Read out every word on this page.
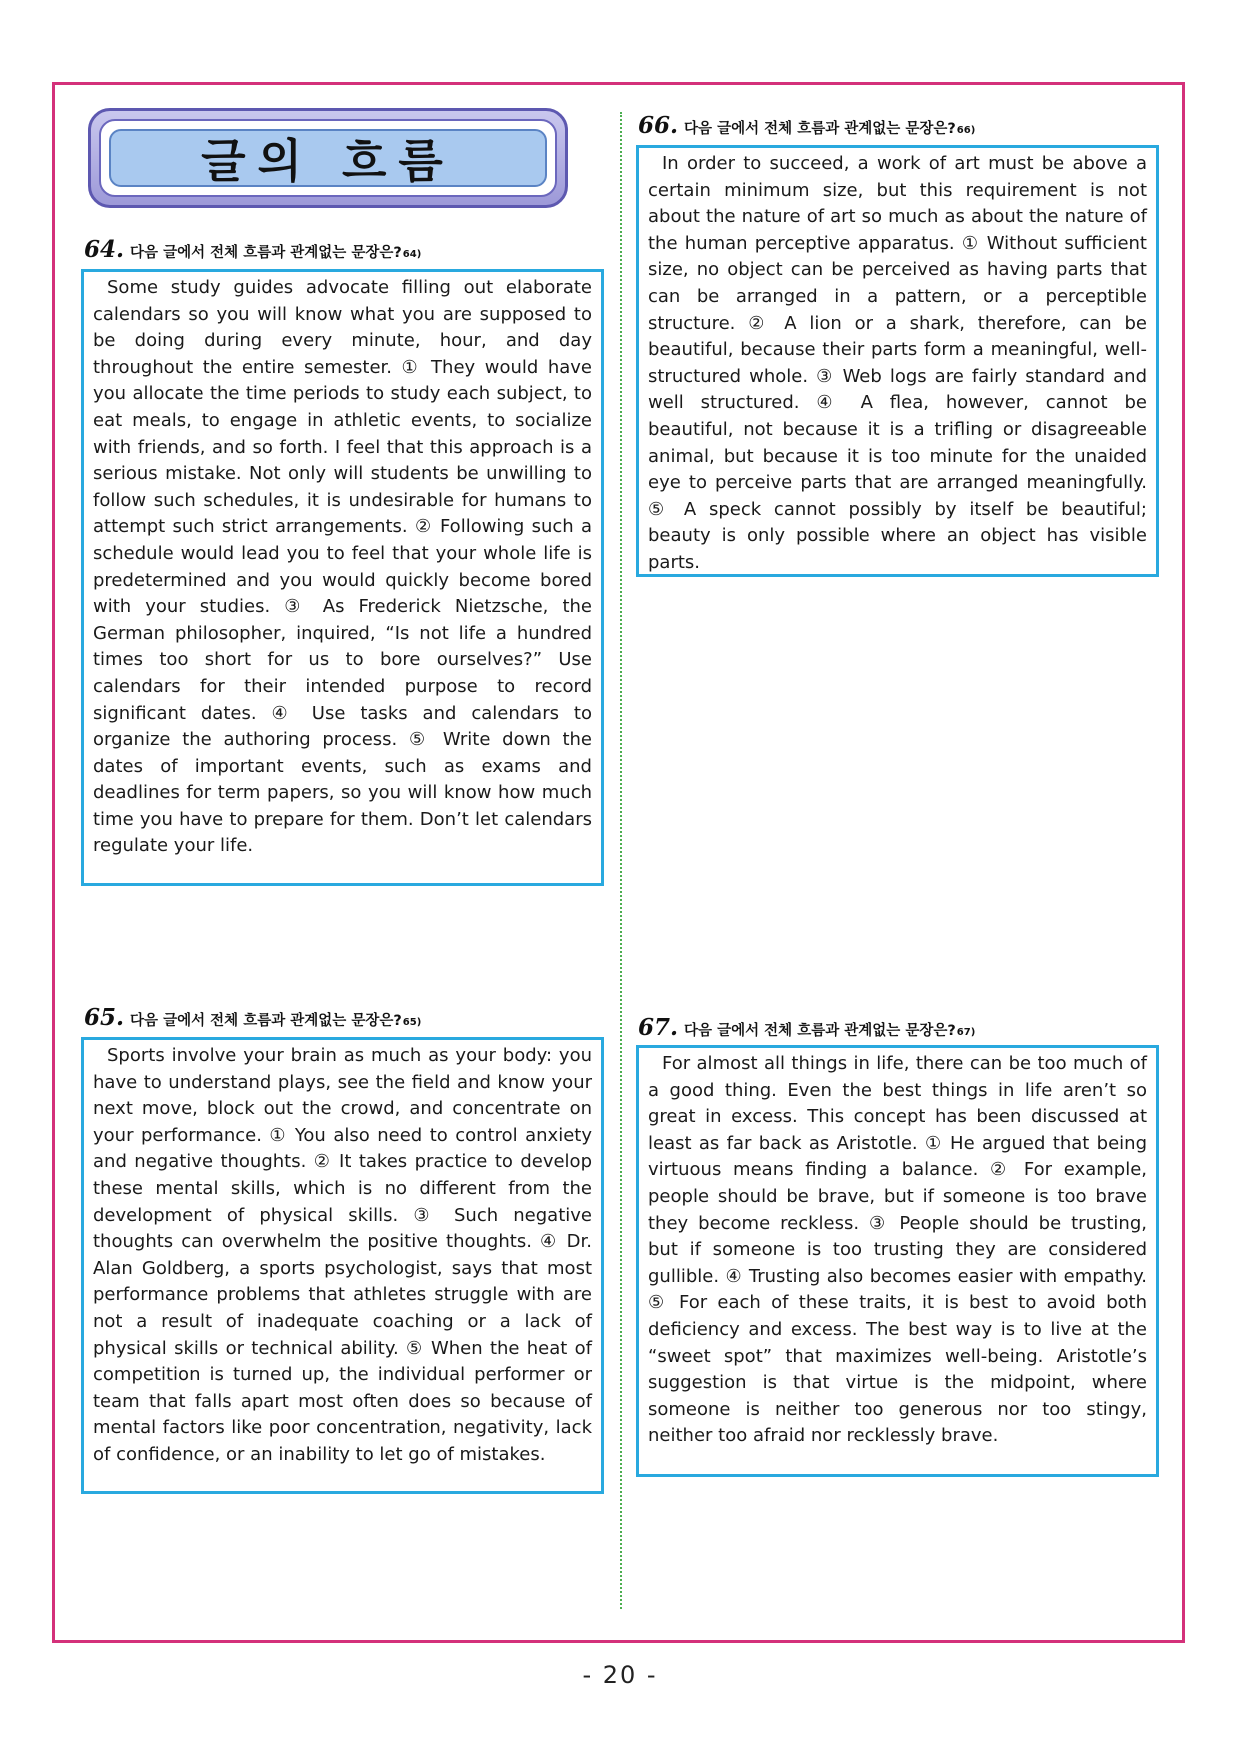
글의 흐름
64. 다음 글에서 전체 흐름과 관계없는 문장은? 64)

Some study guides advocate filling out elaborate calendars so you will know what you are supposed to be doing during every minute, hour, and day throughout the entire semester. ① They would have you allocate the time periods to study each subject, to eat meals, to engage in athletic events, to socialize with friends, and so forth. I feel that this approach is a serious mistake. Not only will students be unwilling to follow such schedules, it is undesirable for humans to attempt such strict arrangements. ② Following such a schedule would lead you to feel that your whole life is predetermined and you would quickly become bored with your studies. ③ As Frederick Nietzsche, the German philosopher, inquired, “Is not life a hundred times too short for us to bore ourselves?” Use calendars for their intended purpose to record significant dates. ④ Use tasks and calendars to organize the authoring process. ⑤ Write down the dates of important events, such as exams and deadlines for term papers, so you will know how much time you have to prepare for them. Don’t let calendars regulate your life.

65. 다음 글에서 전체 흐름과 관계없는 문장은? 65)

Sports involve your brain as much as your body: you have to understand plays, see the field and know your next move, block out the crowd, and concentrate on your performance. ① You also need to control anxiety and negative thoughts. ② It takes practice to develop these mental skills, which is no different from the development of physical skills. ③ Such negative thoughts can overwhelm the positive thoughts. ④ Dr. Alan Goldberg, a sports psychologist, says that most performance problems that athletes struggle with are not a result of inadequate coaching or a lack of physical skills or technical ability. ⑤ When the heat of competition is turned up, the individual performer or team that falls apart most often does so because of mental factors like poor concentration, negativity, lack of confidence, or an inability to let go of mistakes.

66. 다음 글에서 전체 흐름과 관계없는 문장은? 66)

In order to succeed, a work of art must be above a certain minimum size, but this requirement is not about the nature of art so much as about the nature of the human perceptive apparatus. ① Without sufficient size, no object can be perceived as having parts that can be arranged in a pattern, or a perceptible structure. ② A lion or a shark, therefore, can be beautiful, because their parts form a meaningful, well-structured whole. ③ Web logs are fairly standard and well structured. ④ A flea, however, cannot be beautiful, not because it is a trifling or disagreeable animal, but because it is too minute for the unaided eye to perceive parts that are arranged meaningfully. ⑤ A speck cannot possibly by itself be beautiful; beauty is only possible where an object has visible parts.

67. 다음 글에서 전체 흐름과 관계없는 문장은? 67)

For almost all things in life, there can be too much of a good thing. Even the best things in life aren’t so great in excess. This concept has been discussed at least as far back as Aristotle. ① He argued that being virtuous means finding a balance. ② For example, people should be brave, but if someone is too brave they become reckless. ③ People should be trusting, but if someone is too trusting they are considered gullible. ④ Trusting also becomes easier with empathy. ⑤ For each of these traits, it is best to avoid both deficiency and excess. The best way is to live at the “sweet spot” that maximizes well-being. Aristotle’s suggestion is that virtue is the midpoint, where someone is neither too generous nor too stingy, neither too afraid nor recklessly brave.

- 20 -
